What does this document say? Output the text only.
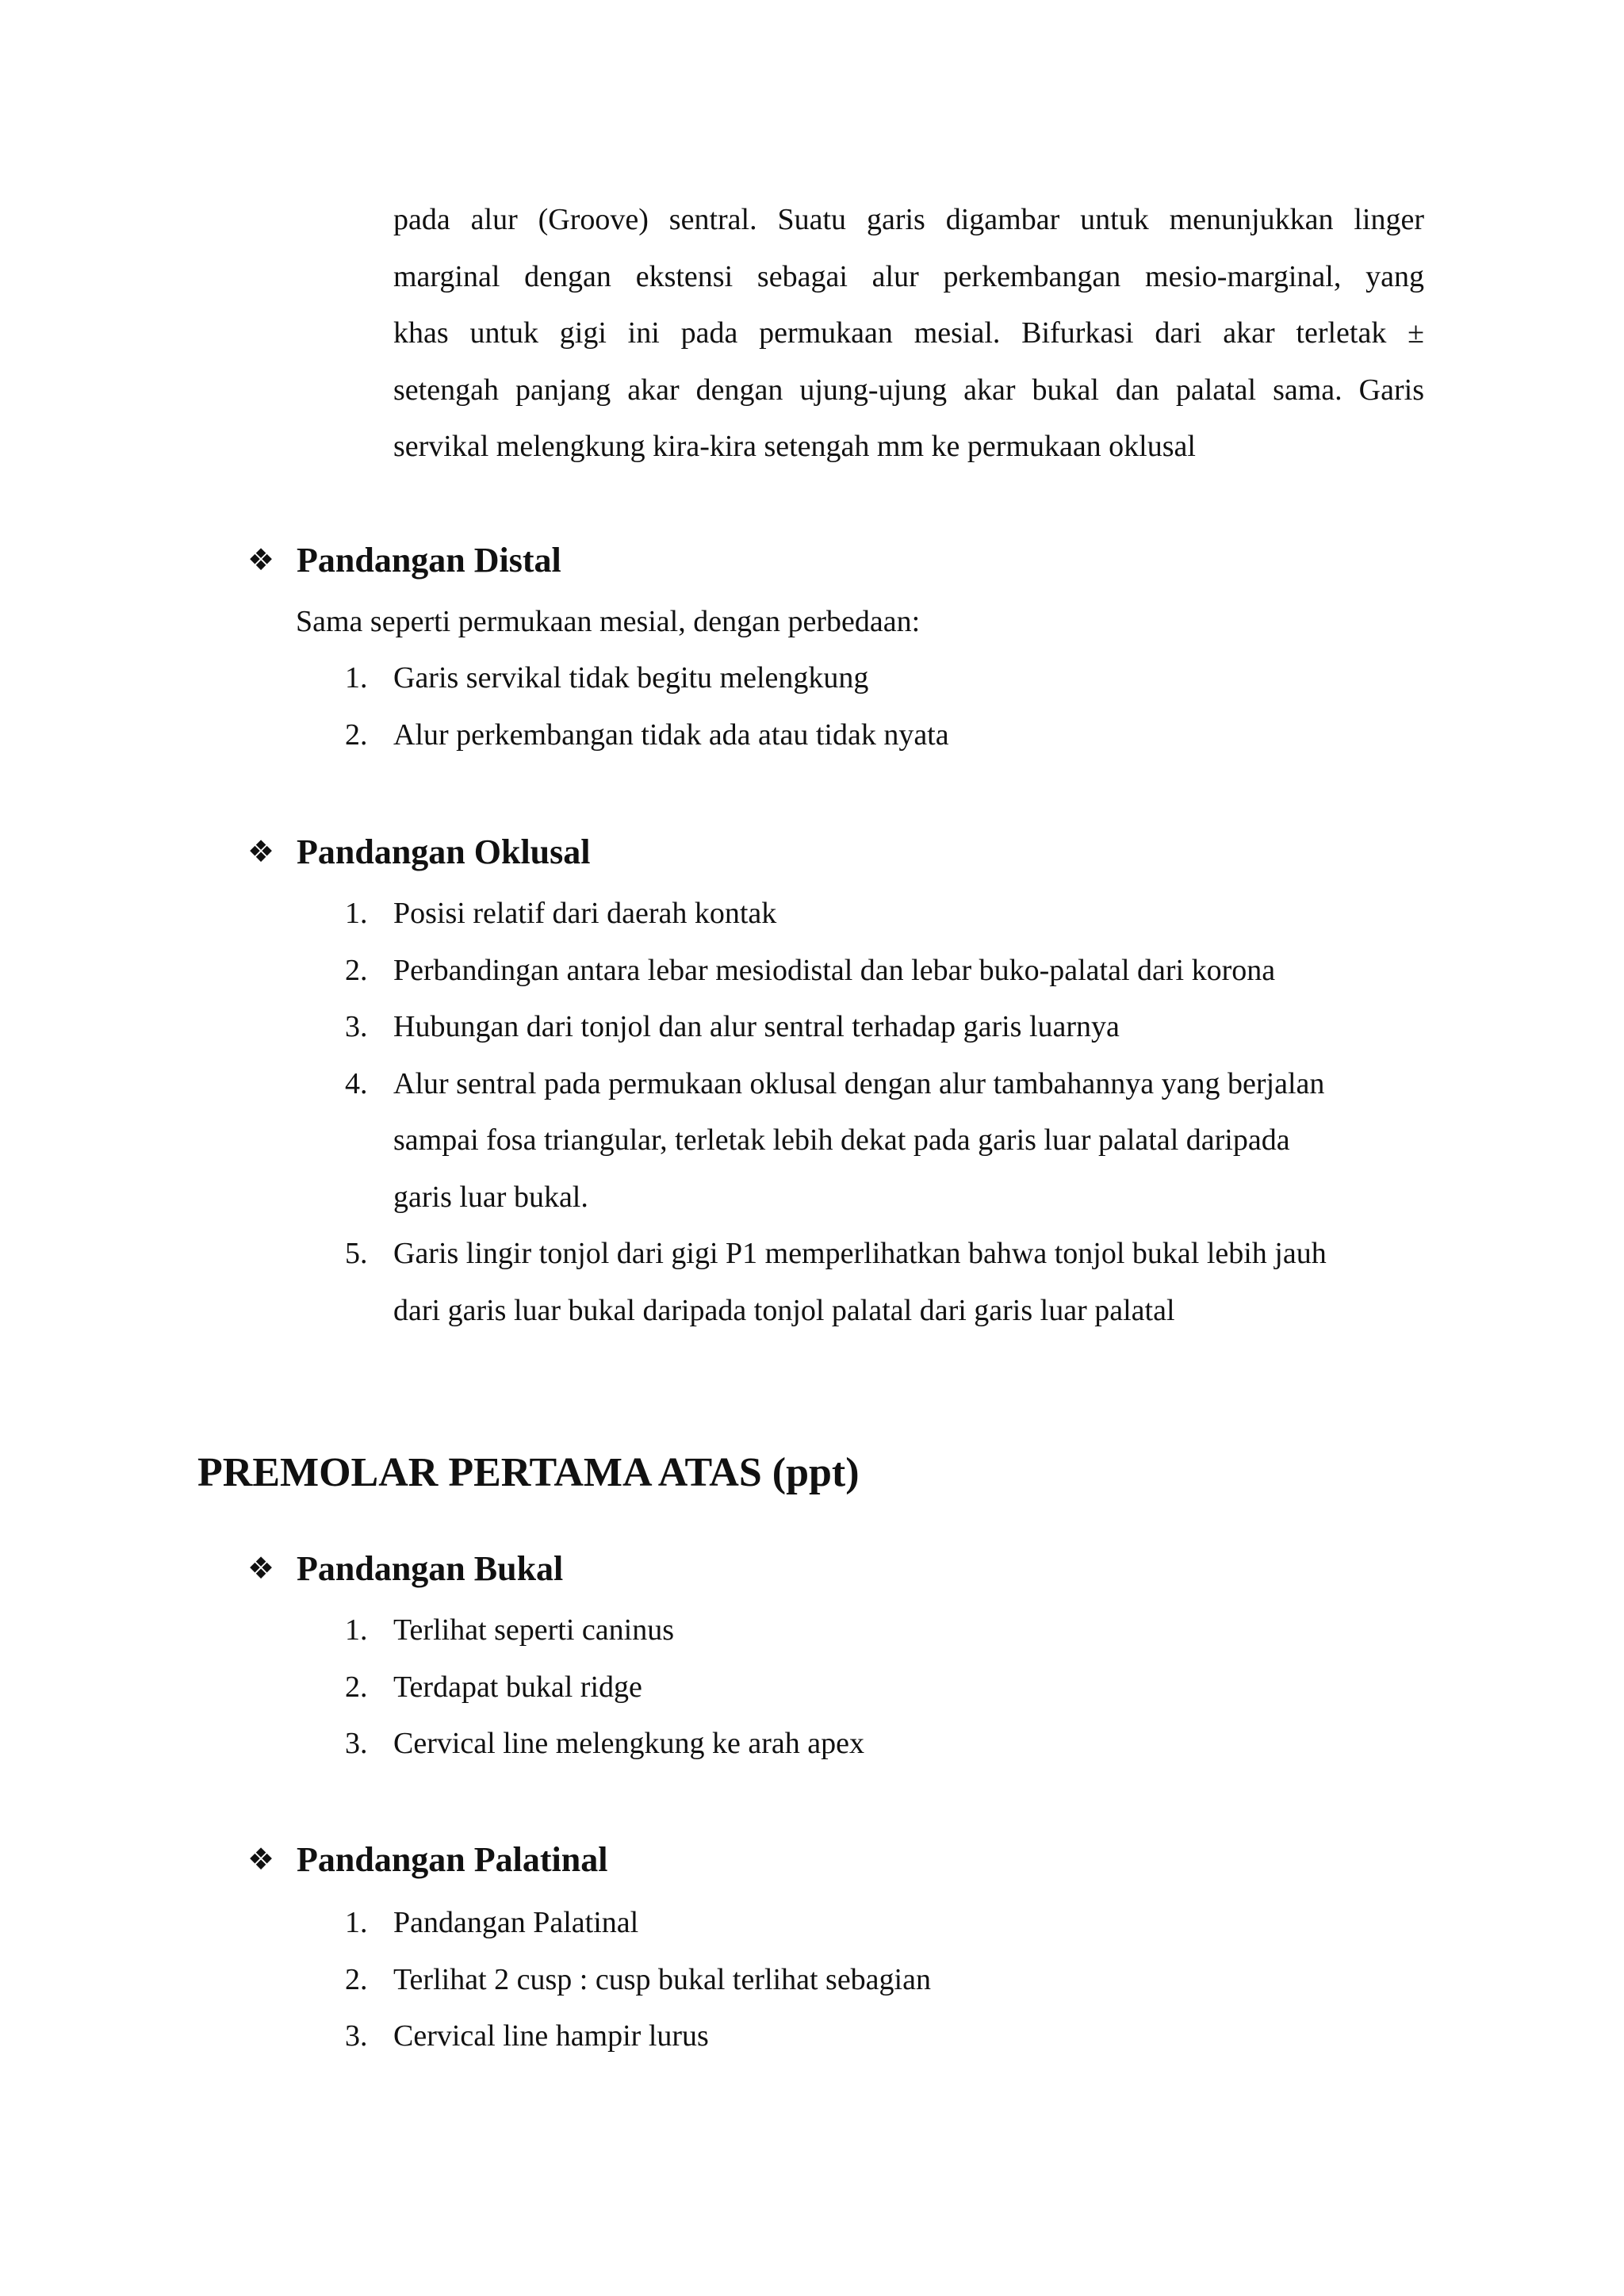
pada alur (Groove) sentral. Suatu garis digambar untuk menunjukkan linger
marginal dengan ekstensi sebagai alur perkembangan mesio-marginal, yang
khas untuk gigi ini pada permukaan mesial. Bifurkasi dari akar terletak ±
setengah panjang akar dengan ujung-ujung akar bukal dan palatal sama. Garis
servikal melengkung kira-kira setengah mm ke permukaan oklusal
❖ Pandangan Distal

Sama seperti permukaan mesial, dengan perbedaan:

1. Garis servikal tidak begitu melengkung
2. Alur perkembangan tidak ada atau tidak nyata
❖ Pandangan Oklusal
1. Posisi relatif dari daerah kontak
2. Perbandingan antara lebar mesiodistal dan lebar buko-palatal dari korona
3. Hubungan dari tonjol dan alur sentral terhadap garis luarnya
4. Alur sentral pada permukaan oklusal dengan alur tambahannya yang berjalan
sampai fosa triangular, terletak lebih dekat pada garis luar palatal daripada
garis luar bukal.
5. Garis lingir tonjol dari gigi P1 memperlihatkan bahwa tonjol bukal lebih jauh
dari garis luar bukal daripada tonjol palatal dari garis luar palatal
PREMOLAR PERTAMA ATAS (ppt)
❖ Pandangan Bukal
1. Terlihat seperti caninus
2. Terdapat bukal ridge
3. Cervical line melengkung ke arah apex
❖ Pandangan Palatinal
1. Pandangan Palatinal
2. Terlihat 2 cusp : cusp bukal terlihat sebagian
3. Cervical line hampir lurus
